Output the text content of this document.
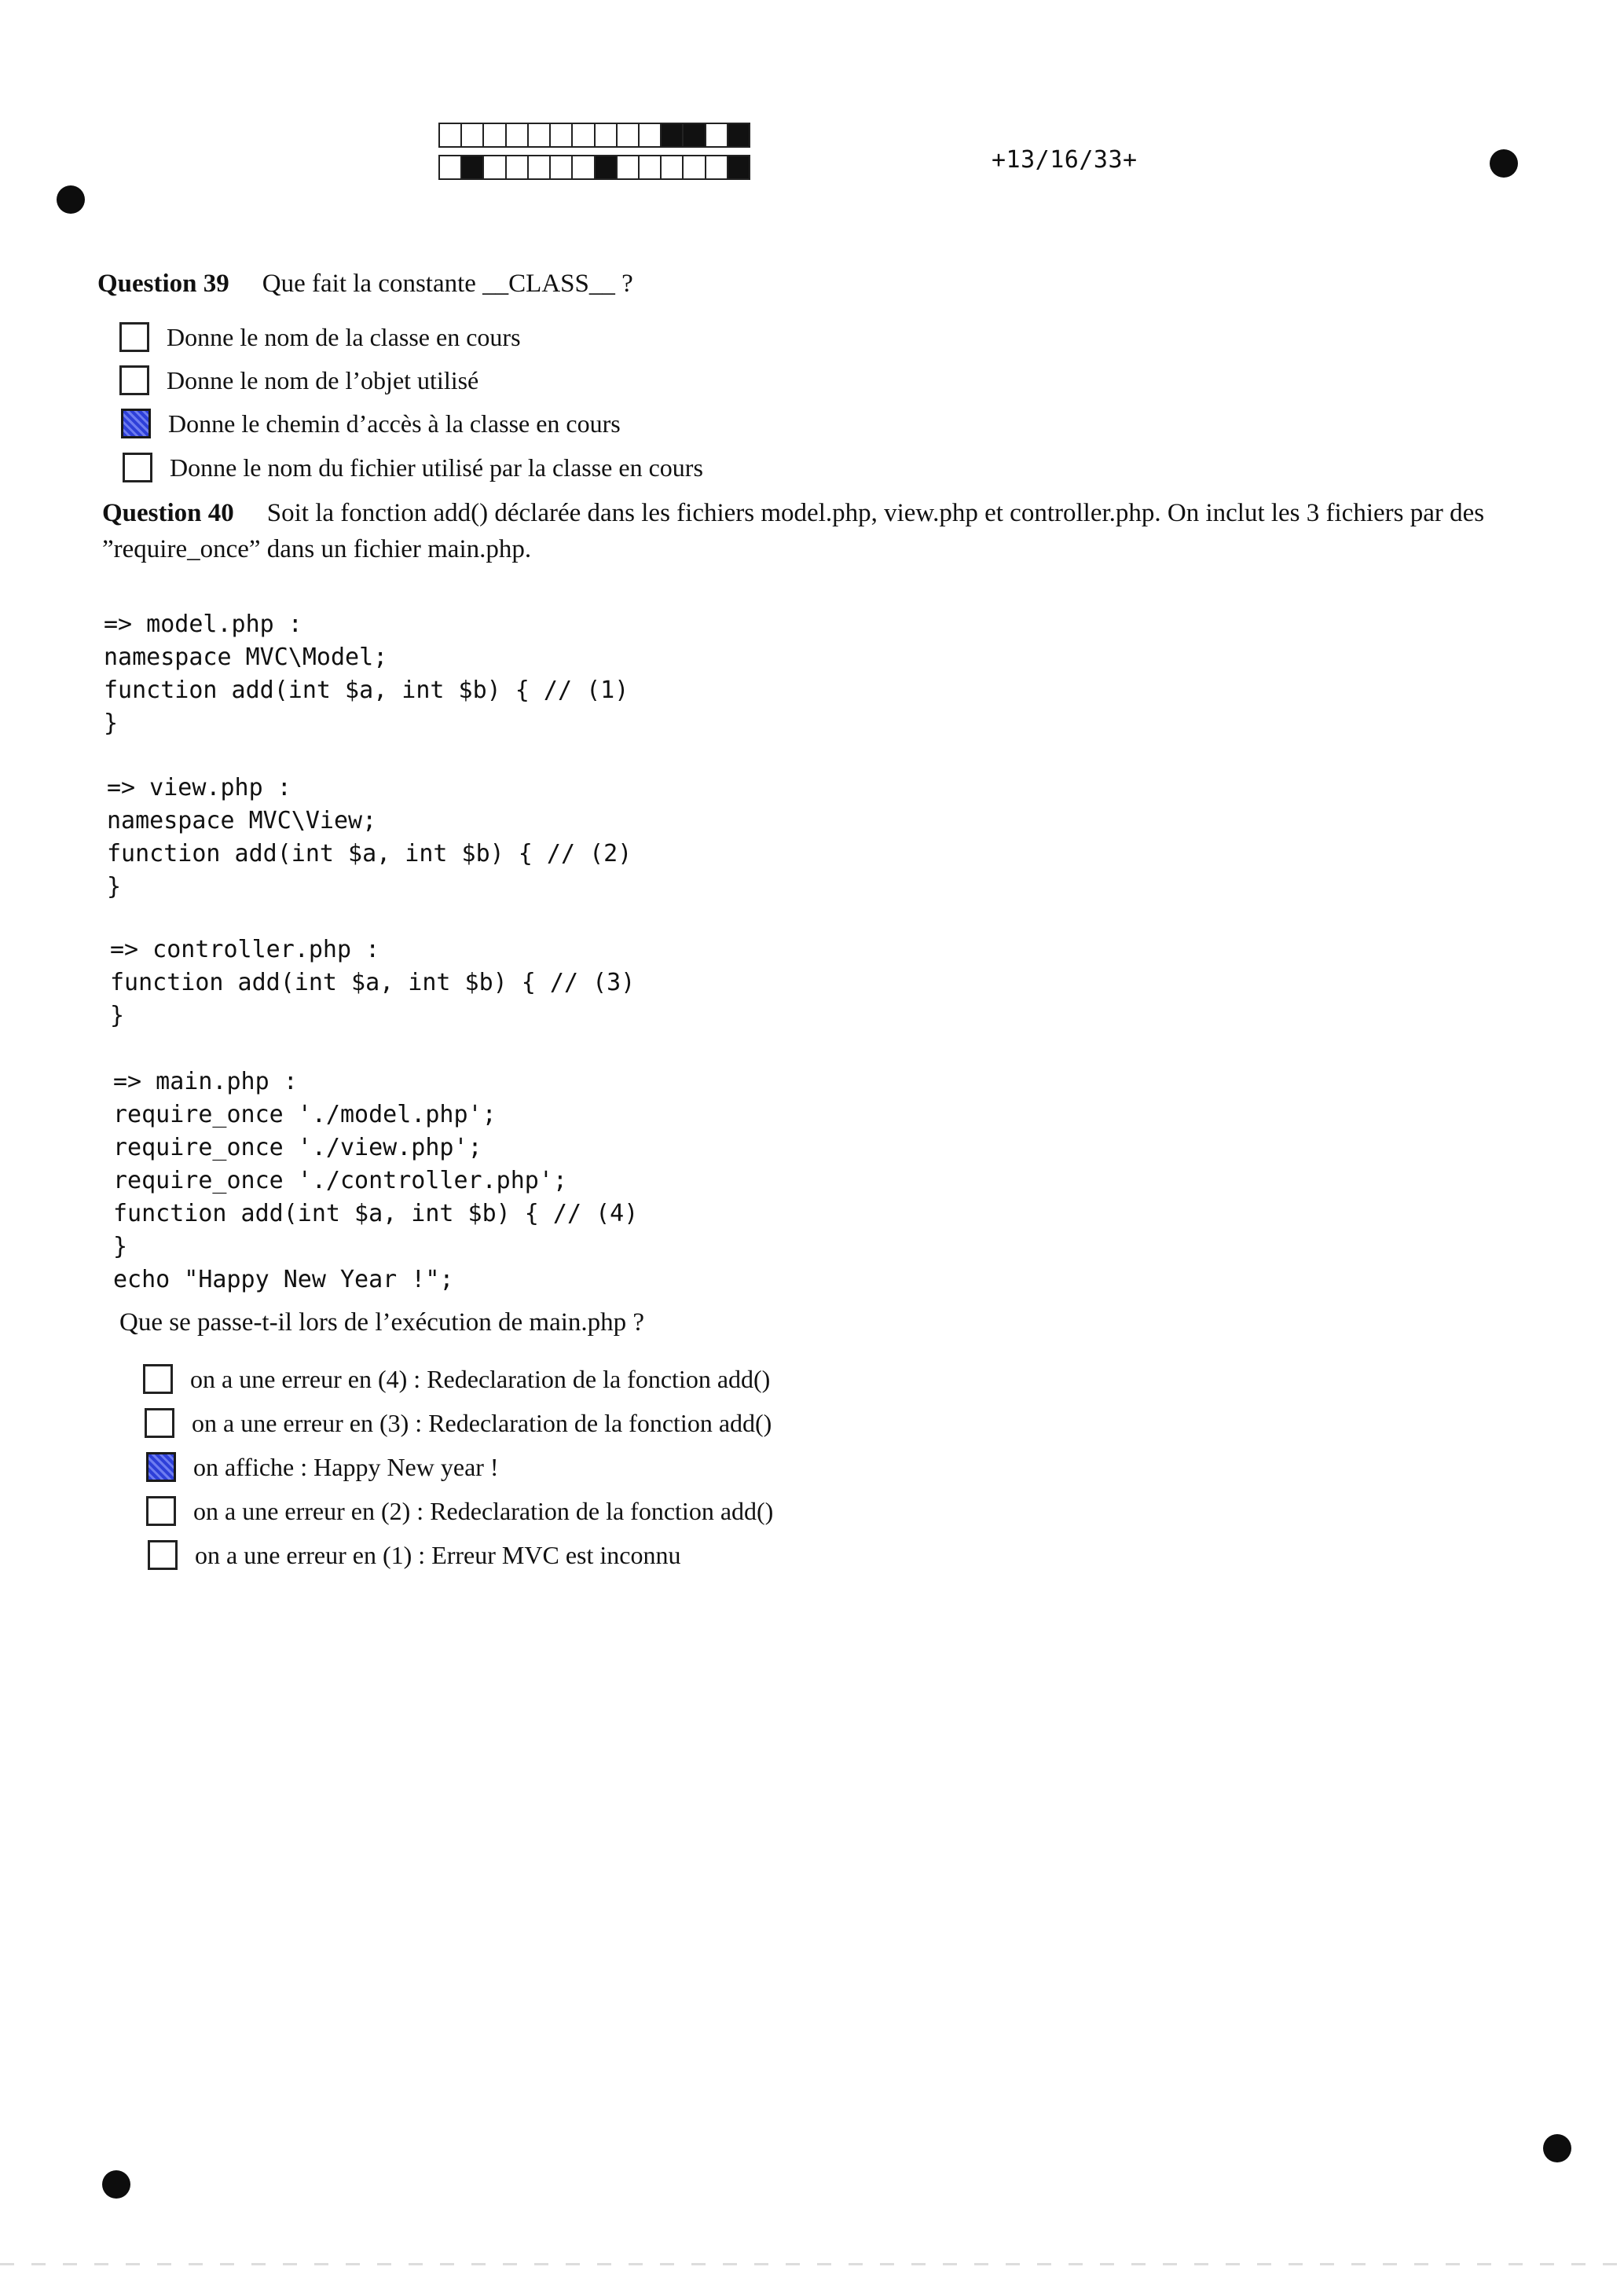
+13/16/33+
Question 39 Que fait la constante __CLASS__ ?
Donne le nom de la classe en cours
Donne le nom de l’objet utilisé
Donne le chemin d’accès à la classe en cours
Donne le nom du fichier utilisé par la classe en cours
Question 40 Soit la fonction add() déclarée dans les fichiers model.php, view.php et controller.php. On inclut les 3 fichiers par des ”require_once” dans un fichier main.php.
=> model.php :
namespace MVC\Model;
function add(int $a, int $b) { // (1)
}
=> view.php :
namespace MVC\View;
function add(int $a, int $b) { // (2)
}
=> controller.php :
function add(int $a, int $b) { // (3)
}
=> main.php :
require_once './model.php';
require_once './view.php';
require_once './controller.php';
function add(int $a, int $b) { // (4)
}
echo "Happy New Year !";
Que se passe-t-il lors de l’exécution de main.php ?
on a une erreur en (4) : Redeclaration de la fonction add()
on a une erreur en (3) : Redeclaration de la fonction add()
on affiche : Happy New year !
on a une erreur en (2) : Redeclaration de la fonction add()
on a une erreur en (1) : Erreur MVC est inconnu
